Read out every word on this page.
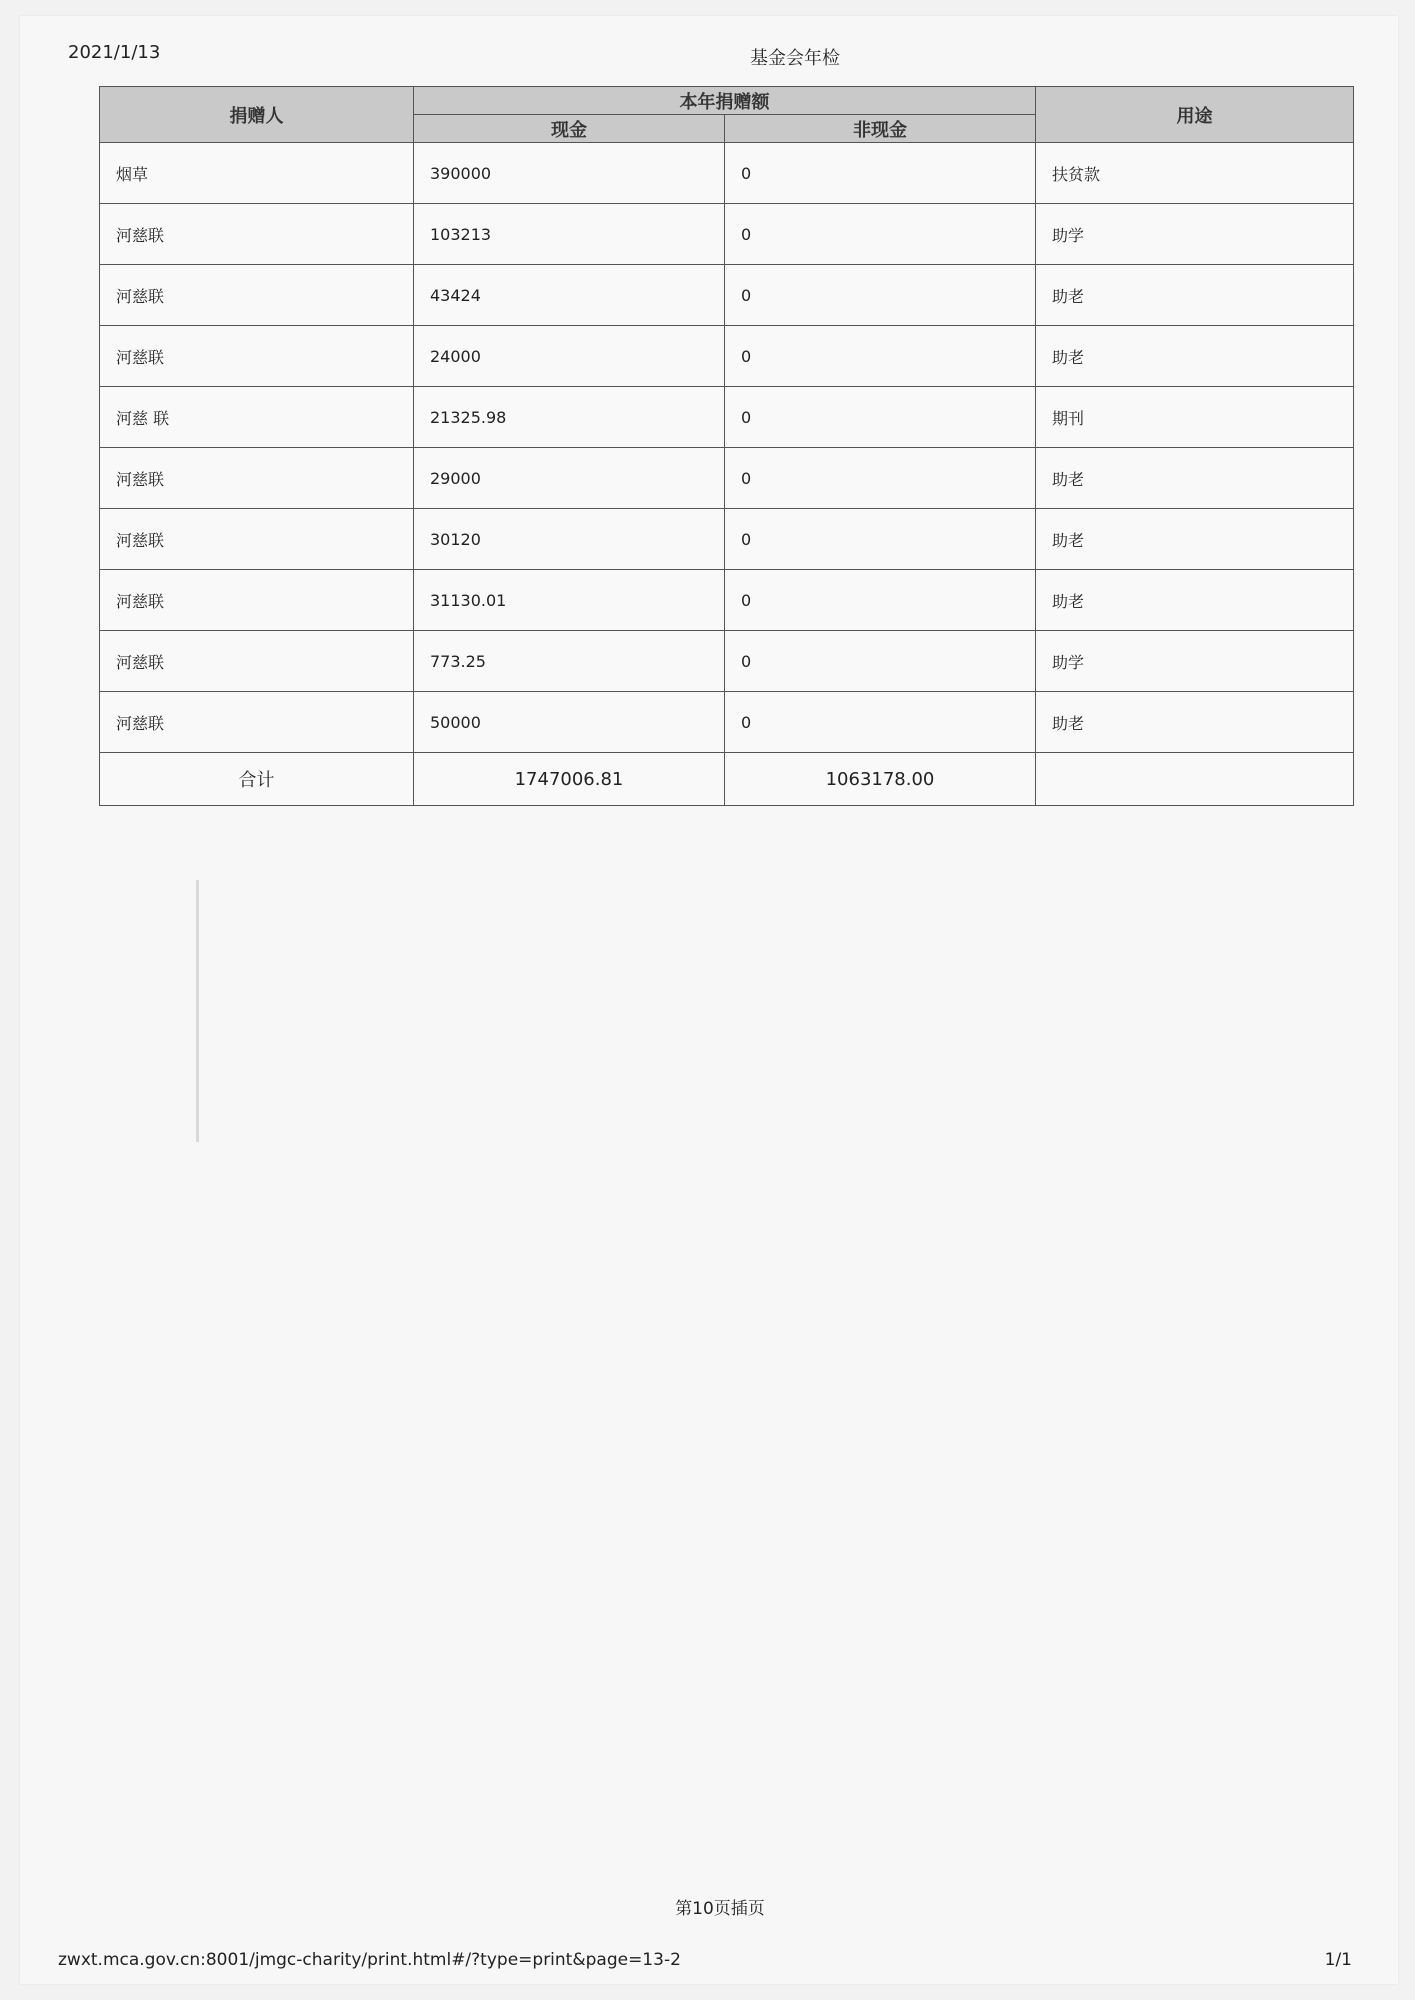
2021/1/13	基金会年检
捐赠人	本年捐赠额		用途
	现金	非现金	
烟草	390000	0	扶贫款
河慈联	103213	0	助学
河慈联	43424	0	助老
河慈联	24000	0	助老
河慈 联	21325.98	0	期刊
河慈联	29000	0	助老
河慈联	30120	0	助老
河慈联	31130.01	0	助老
河慈联	773.25	0	助学
河慈联	50000	0	助老
合计	1747006.81	1063178.00	
第10页插页
zwxt.mca.gov.cn:8001/jmgc-charity/print.html#/?type=print&page=13-2	1/1
